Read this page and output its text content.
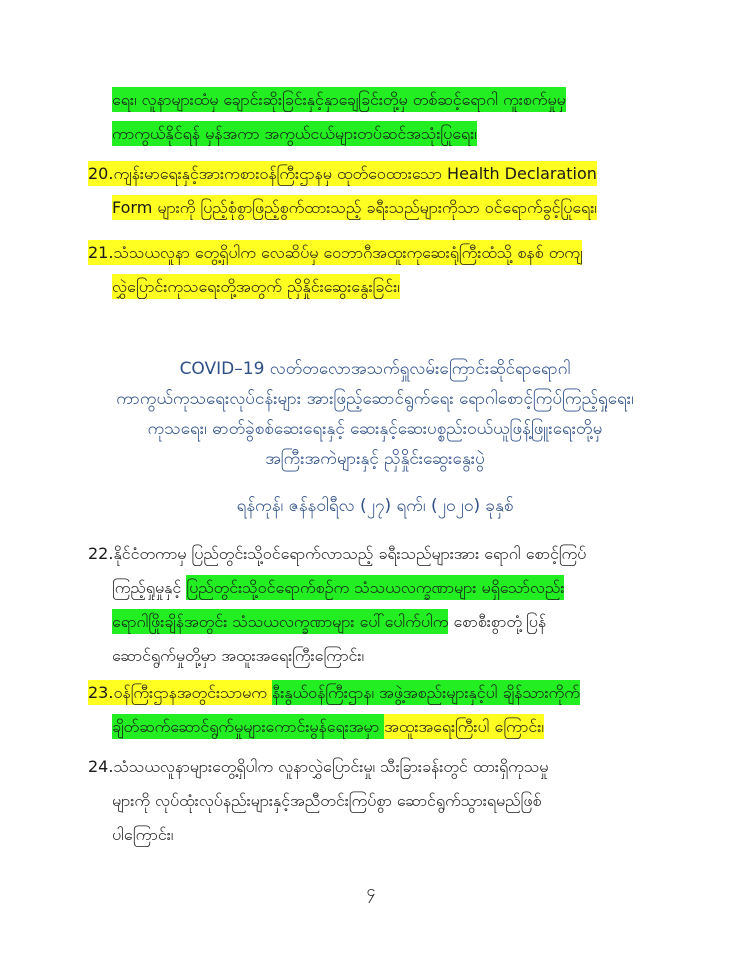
ရေး၊ လူနာများထံမှ ချောင်းဆိုးခြင်းနှင့်နှာချေခြင်းတို့မှ တစ်ဆင့်ရောဂါ ကူးစက်မှုမှ
ကာကွယ်နိုင်ရန် မှန်အကာ အကွယ်ငယ်များတပ်ဆင်အသုံးပြုရေး၊
20.ကျန်းမာရေးနှင့်အားကစားဝန်ကြီးဌာနမှ ထုတ်ဝေထားသော Health Declaration
Form များကို ပြည့်စုံစွာဖြည့်စွက်ထားသည့် ခရီးသည်များကိုသာ ဝင်ရောက်ခွင့်ပြုရေး၊
21.သံသယလူနာ တွေ့ရှိပါက လေဆိပ်မှ ဝေဘာဂီအထူးကုဆေးရုံကြီးထံသို့ စနစ် တကျ
လွှဲပြောင်းကုသရေးတို့အတွက် ညှိနှိုင်းဆွေးနွေးခြင်း၊
COVID–19 လတ်တလောအသက်ရှူလမ်းကြောင်းဆိုင်ရာရောဂါ
ကာကွယ်ကုသရေးလုပ်ငန်းများ အားဖြည့်ဆောင်ရွက်ရေး ရောဂါစောင့်ကြပ်ကြည့်ရှုရေး၊
ကုသရေး၊ ဓာတ်ခွဲစစ်ဆေးရေးနှင့် ဆေးနှင့်ဆေးပစ္စည်းဝယ်ယူဖြန့်ဖြူးရေးတို့မှ
အကြီးအကဲများနှင့် ညှိနှိုင်းဆွေးနွေးပွဲ
ရန်ကုန်၊ ဇန်နဝါရီလ (၂၇) ရက်၊ (၂၀၂၀) ခုနှစ်
22.နိုင်ငံတကာမှ ပြည်တွင်းသို့ဝင်ရောက်လာသည့် ခရီးသည်များအား ရောဂါ စောင့်ကြပ်
ကြည့်ရှုမှုနှင့် ပြည်တွင်းသို့ဝင်ရောက်စဉ်က သံသယလက္ခဏာများ မရှိသော်လည်း
ရောဂါဖြိုးချိန်အတွင်း သံသယလက္ခဏာများ ပေါ်ပေါက်ပါက စောစီးစွာတုံ့ပြန်
ဆောင်ရွက်မှုတို့မှာ အထူးအရေးကြီးကြောင်း၊
23.ဝန်ကြီးဌာနအတွင်းသာမက နီးနွယ်ဝန်ကြီးဌာန၊ အဖွဲ့အစည်းများနှင့်ပါ ချိန်သားကိုက်
ချိတ်ဆက်ဆောင်ရွက်မှုများကောင်းမွန်ရေးအမှာ အထူးအရေးကြီးပါ ကြောင်း၊
24.သံသယလူနာများတွေ့ရှိပါက လူနာလွှဲပြောင်းမှု၊ သီးခြားခန်းတွင် ထားရှိကုသမှု
များကို လုပ်ထုံးလုပ်နည်းများနှင့်အညီတင်းကြပ်စွာ ဆောင်ရွက်သွားရမည်ဖြစ်
ပါကြောင်း၊
၄
